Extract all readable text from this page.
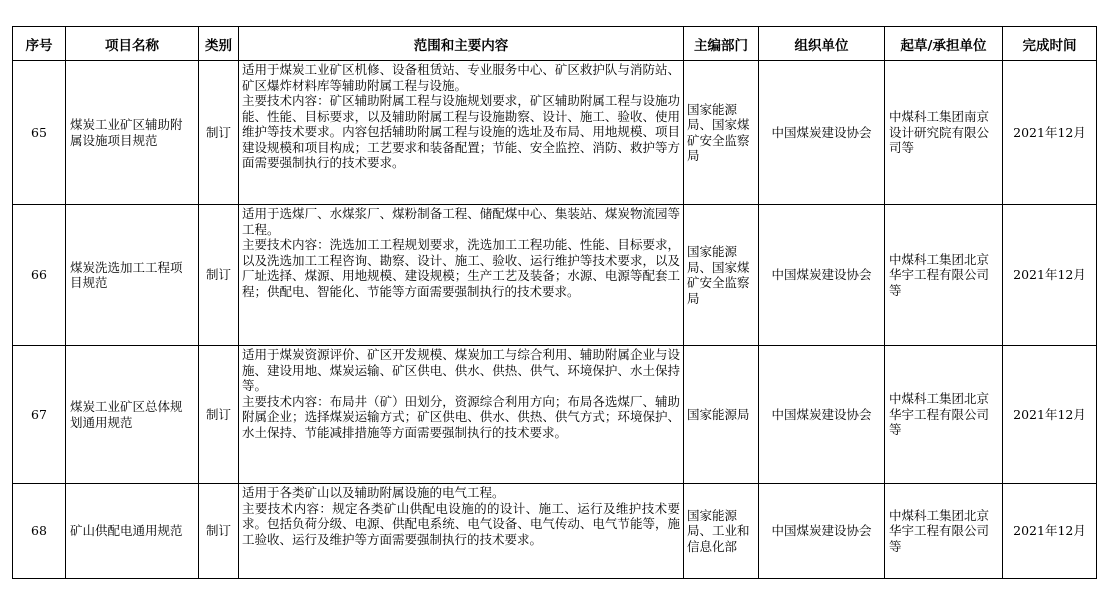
序号	项目名称	类别	范围和主要内容	主编部门	组织单位	起草/承担单位	完成时间
65	煤炭工业矿区辅助附属设施项目规范	制订	适用于煤炭工业矿区机修、设备租赁站、专业服务中心、矿区救护队与消防站、矿区爆炸材料库等辅助附属工程与设施。
主要技术内容：矿区辅助附属工程与设施规划要求，矿区辅助附属工程与设施功能、性能、目标要求，以及辅助附属工程与设施勘察、设计、施工、验收、使用维护等技术要求。内容包括辅助附属工程与设施的选址及布局、用地规模、项目建设规模和项目构成；工艺要求和装备配置；节能、安全监控、消防、救护等方面需要强制执行的技术要求。	国家能源局、国家煤矿安全监察局	中国煤炭建设协会	中煤科工集团南京设计研究院有限公司等	2021年12月
66	煤炭洗选加工工程项目规范	制订	适用于选煤厂、水煤浆厂、煤粉制备工程、储配煤中心、集装站、煤炭物流园等工程。
主要技术内容：洗选加工工程规划要求，洗选加工工程功能、性能、目标要求，以及洗选加工工程咨询、勘察、设计、施工、验收、运行维护等技术要求，以及厂址选择、煤源、用地规模、建设规模；生产工艺及装备；水源、电源等配套工程；供配电、智能化、节能等方面需要强制执行的技术要求。	国家能源局、国家煤矿安全监察局	中国煤炭建设协会	中煤科工集团北京华宇工程有限公司等	2021年12月
67	煤炭工业矿区总体规划通用规范	制订	适用于煤炭资源评价、矿区开发规模、煤炭加工与综合利用、辅助附属企业与设施、建设用地、煤炭运输、矿区供电、供水、供热、供气、环境保护、水土保持等。
主要技术内容：布局井（矿）田划分，资源综合利用方向；布局各选煤厂、辅助附属企业；选择煤炭运输方式；矿区供电、供水、供热、供气方式；环境保护、水土保持、节能减排措施等方面需要强制执行的技术要求。	国家能源局	中国煤炭建设协会	中煤科工集团北京华宇工程有限公司等	2021年12月
68	矿山供配电通用规范	制订	适用于各类矿山以及辅助附属设施的电气工程。
主要技术内容：规定各类矿山供配电设施的的设计、施工、运行及维护技术要求。包括负荷分级、电源、供配电系统、电气设备、电气传动、电气节能等，施工验收、运行及维护等方面需要强制执行的技术要求。	国家能源局、工业和信息化部	中国煤炭建设协会	中煤科工集团北京华宇工程有限公司等	2021年12月
